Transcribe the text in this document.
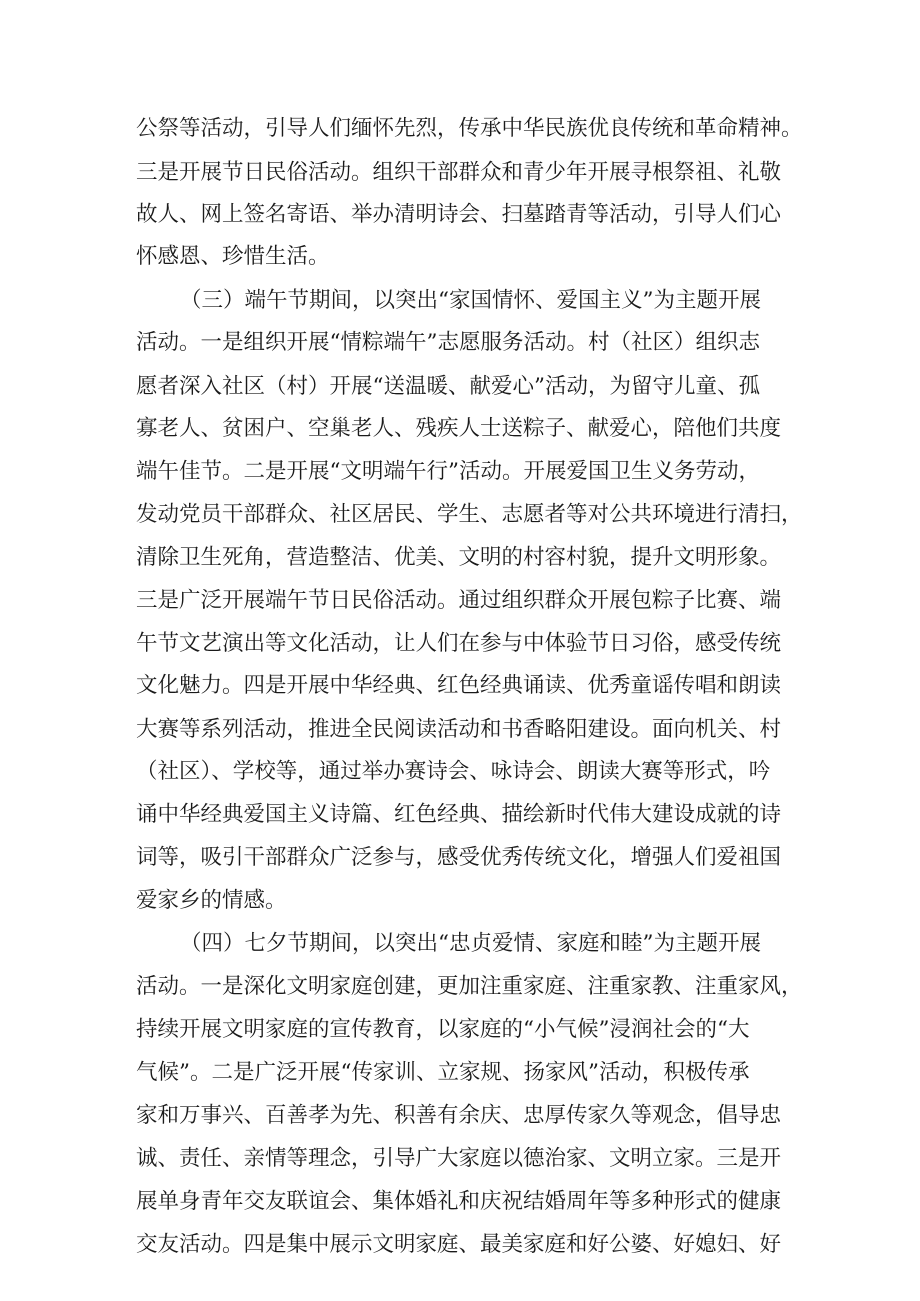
公祭等活动，引导人们缅怀先烈，传承中华民族优良传统和革命精神。
三是开展节日民俗活动。组织干部群众和青少年开展寻根祭祖、礼敬
故人、网上签名寄语、举办清明诗会、扫墓踏青等活动，引导人们心
怀感恩、珍惜生活。
（三）端午节期间，以突出“家国情怀、爱国主义”为主题开展
活动。一是组织开展“情粽端午”志愿服务活动。村（社区）组织志
愿者深入社区（村）开展“送温暖、献爱心”活动，为留守儿童、孤
寡老人、贫困户、空巢老人、残疾人士送粽子、献爱心，陪他们共度
端午佳节。二是开展“文明端午行”活动。开展爱国卫生义务劳动，
发动党员干部群众、社区居民、学生、志愿者等对公共环境进行清扫，
清除卫生死角，营造整洁、优美、文明的村容村貌，提升文明形象。
三是广泛开展端午节日民俗活动。通过组织群众开展包粽子比赛、端
午节文艺演出等文化活动，让人们在参与中体验节日习俗，感受传统
文化魅力。四是开展中华经典、红色经典诵读、优秀童谣传唱和朗读
大赛等系列活动，推进全民阅读活动和书香略阳建设。面向机关、村
（社区）、学校等，通过举办赛诗会、咏诗会、朗读大赛等形式，吟
诵中华经典爱国主义诗篇、红色经典、描绘新时代伟大建设成就的诗
词等，吸引干部群众广泛参与，感受优秀传统文化，增强人们爱祖国
爱家乡的情感。
（四）七夕节期间，以突出“忠贞爱情、家庭和睦”为主题开展
活动。一是深化文明家庭创建，更加注重家庭、注重家教、注重家风，
持续开展文明家庭的宣传教育，以家庭的“小气候”浸润社会的“大
气候”。二是广泛开展“传家训、立家规、扬家风”活动，积极传承
家和万事兴、百善孝为先、积善有余庆、忠厚传家久等观念，倡导忠
诚、责任、亲情等理念，引导广大家庭以德治家、文明立家。三是开
展单身青年交友联谊会、集体婚礼和庆祝结婚周年等多种形式的健康
交友活动。四是集中展示文明家庭、最美家庭和好公婆、好媳妇、好
